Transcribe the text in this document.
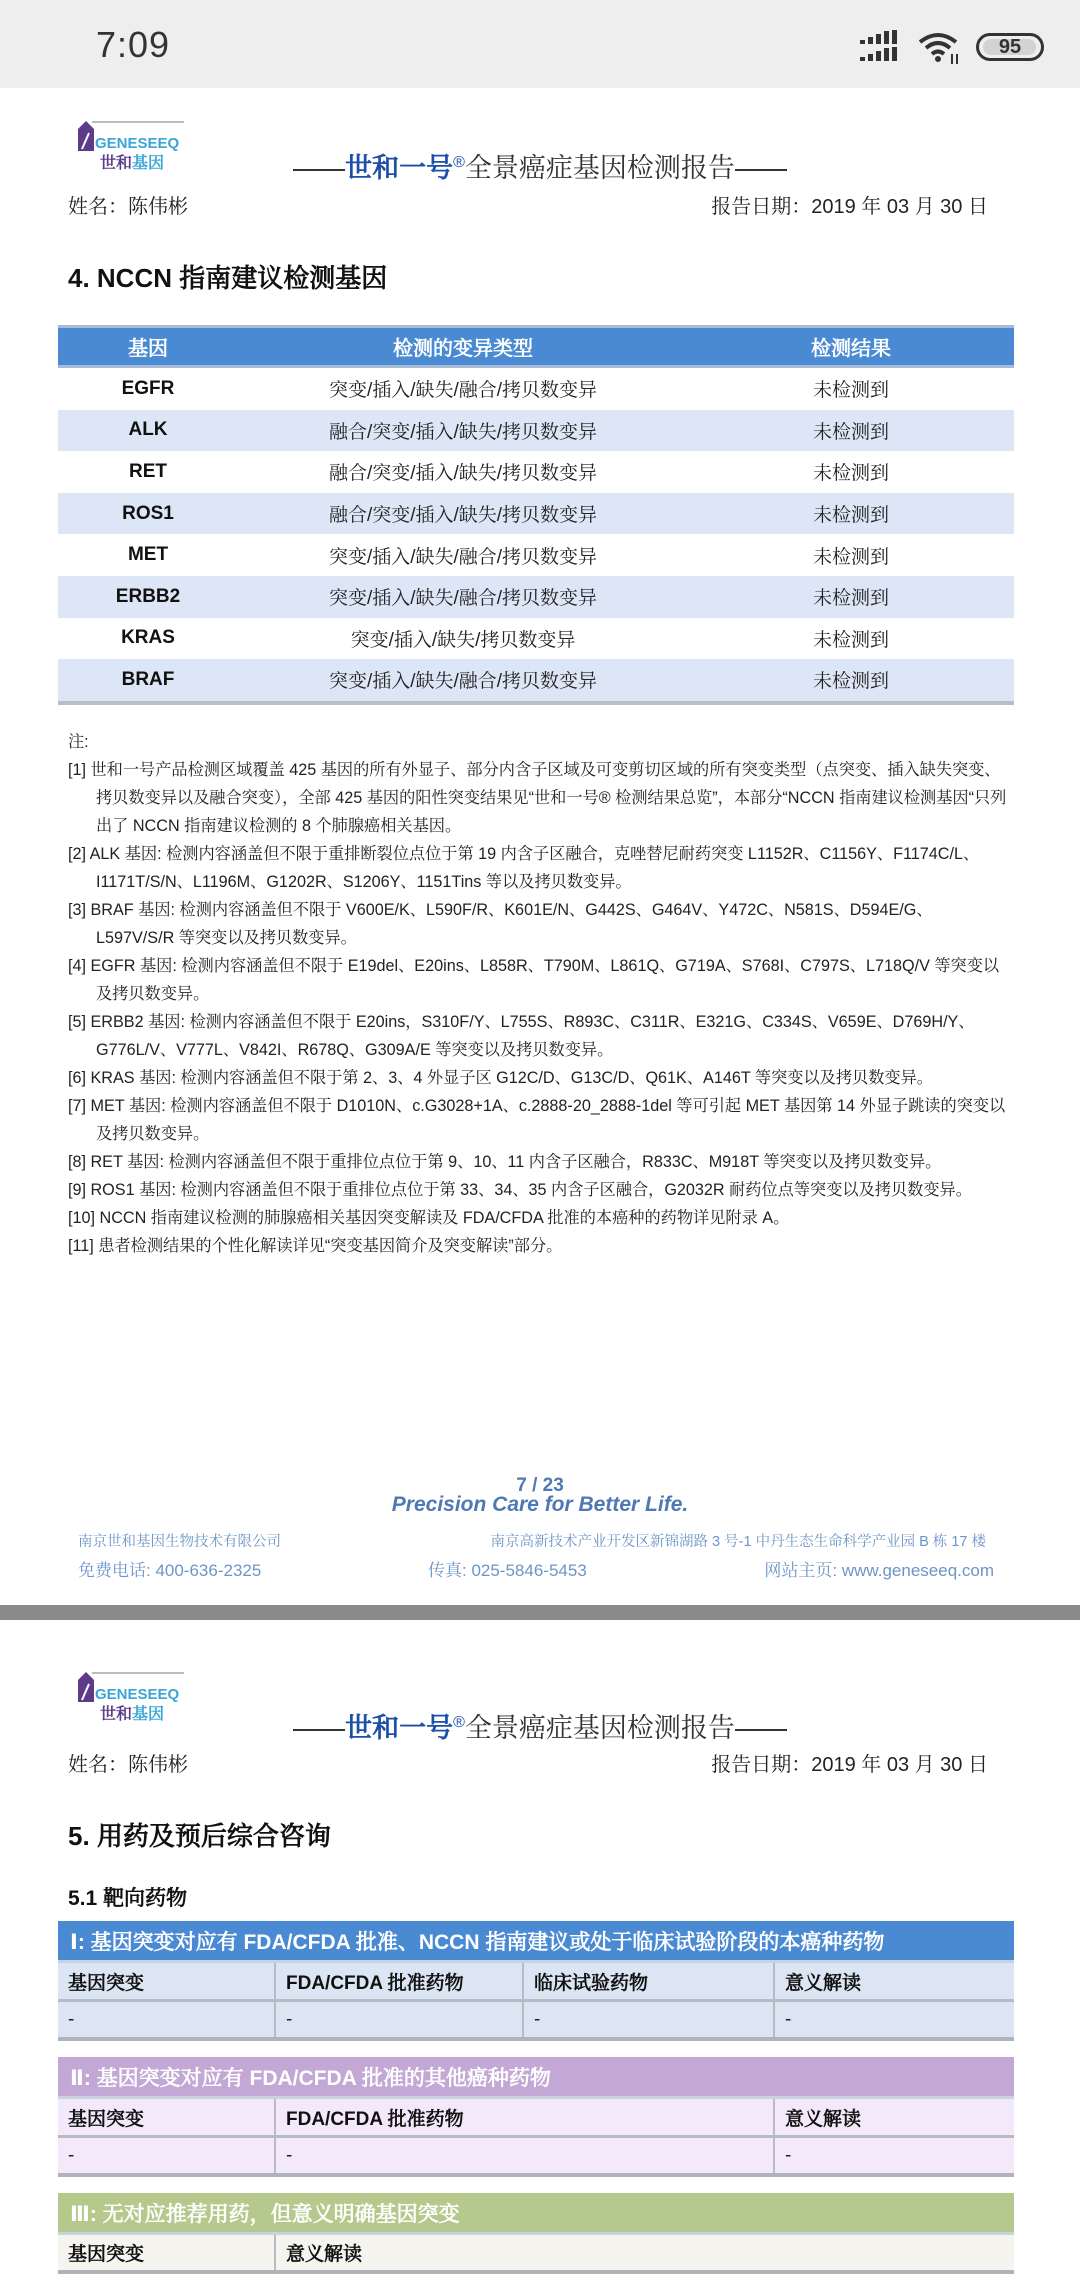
7:09	95
GENESEEQ
世和基因	世和一号®全景癌症基因检测报告
姓名：陈伟彬	报告日期：2019 年 03 月 30 日
4. NCCN 指南建议检测基因
基因	检测的变异类型	检测结果
EGFR	突变/插入/缺失/融合/拷贝数变异	未检测到
ALK	融合/突变/插入/缺失/拷贝数变异	未检测到
RET	融合/突变/插入/缺失/拷贝数变异	未检测到
ROS1	融合/突变/插入/缺失/拷贝数变异	未检测到
MET	突变/插入/缺失/融合/拷贝数变异	未检测到
ERBB2	突变/插入/缺失/融合/拷贝数变异	未检测到
KRAS	突变/插入/缺失/拷贝数变异	未检测到
BRAF	突变/插入/缺失/融合/拷贝数变异	未检测到
注:
[1] 世和一号产品检测区域覆盖 425 基因的所有外显子、部分内含子区域及可变剪切区域的所有突变类型（点突变、插入缺失突变、拷贝数变异以及融合突变），全部 425 基因的阳性突变结果见“世和一号® 检测结果总览”，本部分“NCCN 指南建议检测基因“只列出了 NCCN 指南建议检测的 8 个肺腺癌相关基因。
[2] ALK 基因: 检测内容涵盖但不限于重排断裂位点位于第 19 内含子区融合，克唑替尼耐药突变 L1152R、C1156Y、F1174C/L、I1171T/S/N、L1196M、G1202R、S1206Y、1151Tins 等以及拷贝数变异。
[3] BRAF 基因: 检测内容涵盖但不限于 V600E/K、L590F/R、K601E/N、G442S、G464V、Y472C、N581S、D594E/G、L597V/S/R 等突变以及拷贝数变异。
[4] EGFR 基因: 检测内容涵盖但不限于 E19del、E20ins、L858R、T790M、L861Q、G719A、S768I、C797S、L718Q/V 等突变以及拷贝数变异。
[5] ERBB2 基因: 检测内容涵盖但不限于 E20ins，S310F/Y、L755S、R893C、C311R、E321G、C334S、V659E、D769H/Y、G776L/V、V777L、V842I、R678Q、G309A/E 等突变以及拷贝数变异。
[6] KRAS 基因: 检测内容涵盖但不限于第 2、3、4 外显子区 G12C/D、G13C/D、Q61K、A146T 等突变以及拷贝数变异。
[7] MET 基因: 检测内容涵盖但不限于 D1010N、c.G3028+1A、c.2888-20_2888-1del 等可引起 MET 基因第 14 外显子跳读的突变以及拷贝数变异。
[8] RET 基因: 检测内容涵盖但不限于重排位点位于第 9、10、11 内含子区融合，R833C、M918T 等突变以及拷贝数变异。
[9] ROS1 基因: 检测内容涵盖但不限于重排位点位于第 33、34、35 内含子区融合，G2032R 耐药位点等突变以及拷贝数变异。
[10] NCCN 指南建议检测的肺腺癌相关基因突变解读及 FDA/CFDA 批准的本癌种的药物详见附录 A。
[11] 患者检测结果的个性化解读详见“突变基因简介及突变解读”部分。
7 / 23
Precision Care for Better Life.
南京世和基因生物技术有限公司	南京高新技术产业开发区新锦湖路 3 号-1 中丹生态生命科学产业园 B 栋 17 楼
免费电话: 400-636-2325	传真: 025-5846-5453	网站主页: www.geneseeq.com
GENESEEQ
世和基因	世和一号®全景癌症基因检测报告
姓名：陈伟彬	报告日期：2019 年 03 月 30 日
5. 用药及预后综合咨询
5.1 靶向药物
Ⅰ: 基因突变对应有 FDA/CFDA 批准、NCCN 指南建议或处于临床试验阶段的本癌种药物
基因突变	FDA/CFDA 批准药物	临床试验药物	意义解读
-	-	-	-
Ⅱ: 基因突变对应有 FDA/CFDA 批准的其他癌种药物
基因突变	FDA/CFDA 批准药物	意义解读
-	-	-
Ⅲ: 无对应推荐用药，但意义明确基因突变
基因突变	意义解读
